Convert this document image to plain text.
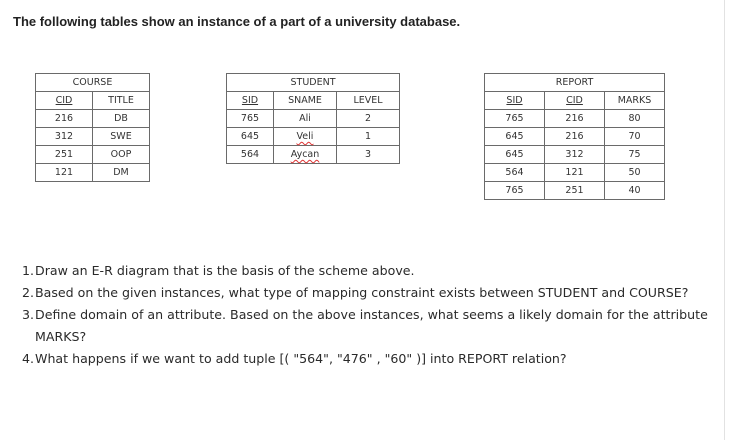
The following tables show an instance of a part of a university database.

COURSE	
CID	TITLE
216	DB
312	SWE
251	OOP
121	DM
STUDENT		
SID	SNAME	LEVEL
765	Ali	2
645	Veli	1
564	Aycan	3
REPORT		
SID	CID	MARKS
765	216	80
645	216	70
645	312	75
564	121	50
765	251	40
1. Draw an E-R diagram that is the basis of the scheme above.
2. Based on the given instances, what type of mapping constraint exists between STUDENT and COURSE?
3. Define domain of an attribute. Based on the above instances, what seems a likely domain for the attribute MARKS?
4. What happens if we want to add tuple [( "564", "476" , "60" )] into REPORT relation?
